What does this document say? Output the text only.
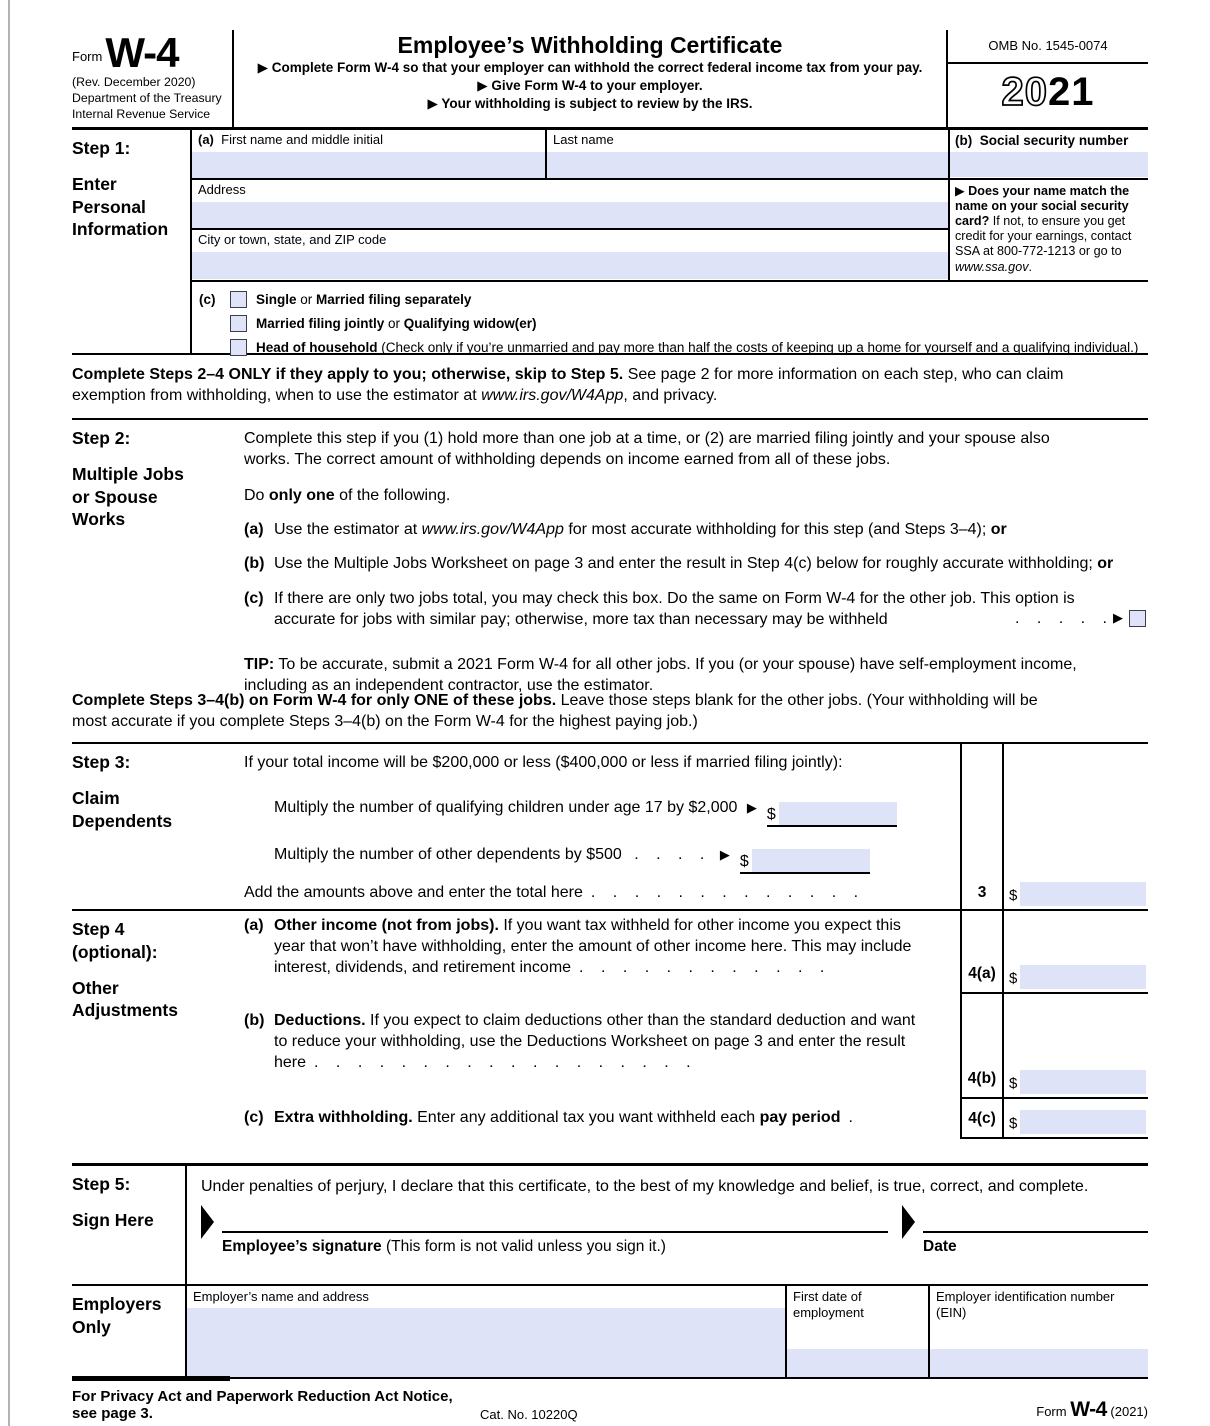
Form W-4
(Rev. December 2020)
Department of the Treasury
Internal Revenue Service
Employee’s Withholding Certificate
▶ Complete Form W-4 so that your employer can withhold the correct federal income tax from your pay.
▶ Give Form W-4 to your employer.
▶ Your withholding is subject to review by the IRS.
OMB No. 1545-0074
2021
Step 1:
Enter Personal Information
(a) First name and middle initial	Last name
Address
City or town, state, and ZIP code
(b) Social security number
▶ Does your name match the name on your social security card? If not, to ensure you get credit for your earnings, contact SSA at 800-772-1213 or go to www.ssa.gov.
(c)	Single or Married filing separately
Married filing jointly or Qualifying widow(er)
Head of household (Check only if you’re unmarried and pay more than half the costs of keeping up a home for yourself and a qualifying individual.)
Complete Steps 2–4 ONLY if they apply to you; otherwise, skip to Step 5. See page 2 for more information on each step, who can claim exemption from withholding, when to use the estimator at www.irs.gov/W4App, and privacy.
Step 2:
Multiple Jobs or Spouse Works
Complete this step if you (1) hold more than one job at a time, or (2) are married filing jointly and your spouse also works. The correct amount of withholding depends on income earned from all of these jobs.
Do only one of the following.
(a) Use the estimator at www.irs.gov/W4App for most accurate withholding for this step (and Steps 3–4); or
(b) Use the Multiple Jobs Worksheet on page 3 and enter the result in Step 4(c) below for roughly accurate withholding; or
(c) If there are only two jobs total, you may check this box. Do the same on Form W-4 for the other job. This option is accurate for jobs with similar pay; otherwise, more tax than necessary may be withheld	. . . . . ▶
TIP: To be accurate, submit a 2021 Form W-4 for all other jobs. If you (or your spouse) have self-employment income, including as an independent contractor, use the estimator.
Complete Steps 3–4(b) on Form W-4 for only ONE of these jobs. Leave those steps blank for the other jobs. (Your withholding will be most accurate if you complete Steps 3–4(b) on the Form W-4 for the highest paying job.)
Step 3:
Claim Dependents
If your total income will be $200,000 or less ($400,000 or less if married filing jointly):
Multiply the number of qualifying children under age 17 by $2,000 ▶ $
Multiply the number of other dependents by $500 . . . . ▶ $
Add the amounts above and enter the total here . . . . . . . . . . . . .	3	$
Step 4 (optional):
Other Adjustments
(a) Other income (not from jobs). If you want tax withheld for other income you expect this year that won’t have withholding, enter the amount of other income here. This may include interest, dividends, and retirement income . . . . . . . . . . . .	4(a) $
(b) Deductions. If you expect to claim deductions other than the standard deduction and want to reduce your withholding, use the Deductions Worksheet on page 3 and enter the result here . . . . . . . . . . . . . . . . . .
4(b) $
(c) Extra withholding. Enter any additional tax you want withheld each pay period .	4(c) $
Step 5:
Sign Here
Under penalties of perjury, I declare that this certificate, to the best of my knowledge and belief, is true, correct, and complete.
Employee’s signature (This form is not valid unless you sign it.)	Date
Employers Only
Employer’s name and address	First date of employment
Employer identification number (EIN)
For Privacy Act and Paperwork Reduction Act Notice, see page 3.	Cat. No. 10220Q	Form W-4 (2021)
